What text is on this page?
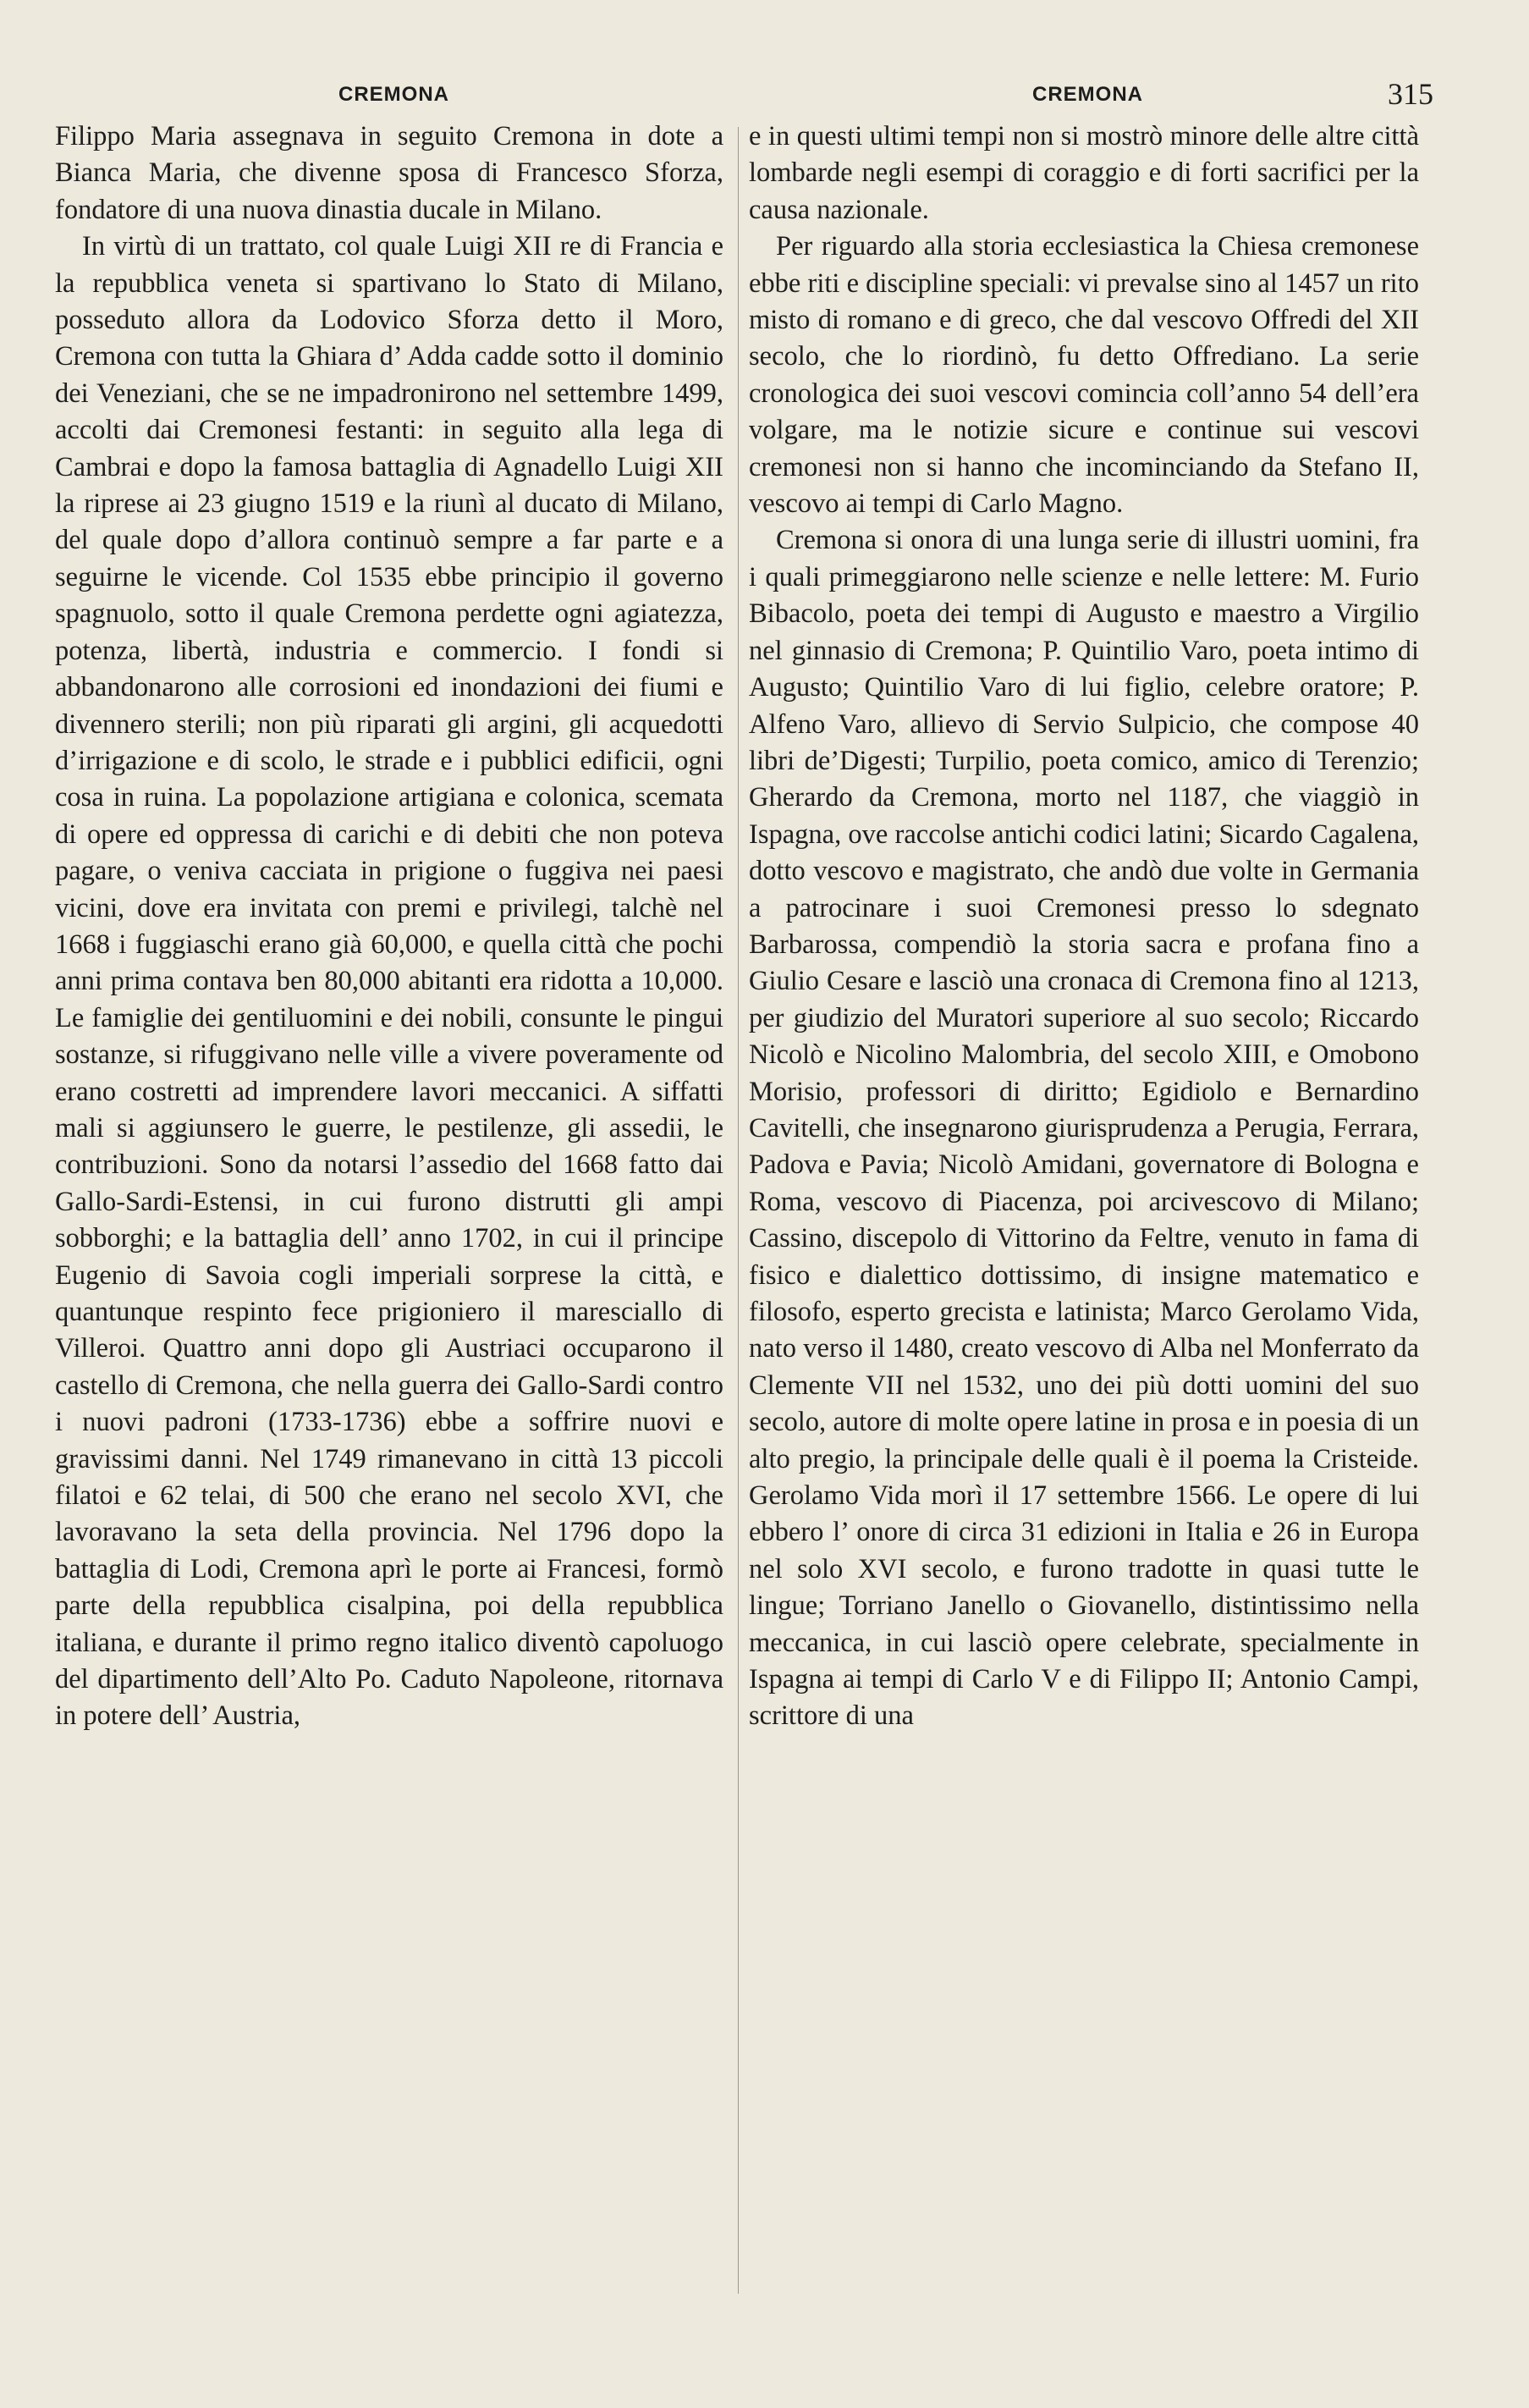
CREMONA	CREMONA	315

Filippo Maria assegnava in seguito Cremona in dote a Bianca Maria, che divenne sposa di Francesco Sforza, fondatore di una nuova dinastia ducale in Milano.

In virtù di un trattato, col quale Luigi XII re di Francia e la repubblica veneta si spartivano lo Stato di Milano, posseduto allora da Lodovico Sforza detto il Moro, Cremona con tutta la Ghiara d’ Adda cadde sotto il dominio dei Veneziani, che se ne impadronirono nel settembre 1499, accolti dai Cremonesi festanti: in seguito alla lega di Cambrai e dopo la famosa battaglia di Agnadello Luigi XII la riprese ai 23 giugno 1519 e la riunì al ducato di Milano, del quale dopo d’allora continuò sempre a far parte e a seguirne le vicende. Col 1535 ebbe principio il governo spagnuolo, sotto il quale Cremona perdette ogni agiatezza, potenza, libertà, industria e commercio. I fondi si abbandonarono alle corrosioni ed inondazioni dei fiumi e divennero sterili; non più riparati gli argini, gli acquedotti d’irrigazione e di scolo, le strade e i pubblici edificii, ogni cosa in ruina. La popolazione artigiana e colonica, scemata di opere ed oppressa di carichi e di debiti che non poteva pagare, o veniva cacciata in prigione o fuggiva nei paesi vicini, dove era invitata con premi e privilegi, talchè nel 1668 i fuggiaschi erano già 60,000, e quella città che pochi anni prima contava ben 80,000 abitanti era ridotta a 10,000. Le famiglie dei gentiluomini e dei nobili, consunte le pingui sostanze, si rifuggivano nelle ville a vivere poveramente od erano costretti ad imprendere lavori meccanici. A siffatti mali si aggiunsero le guerre, le pestilenze, gli assedii, le contribuzioni. Sono da notarsi l’assedio del 1668 fatto dai Gallo-Sardi-Estensi, in cui furono distrutti gli ampi sobborghi; e la battaglia dell’ anno 1702, in cui il principe Eugenio di Savoia cogli imperiali sorprese la città, e quantunque respinto fece prigioniero il maresciallo di Villeroi. Quattro anni dopo gli Austriaci occuparono il castello di Cremona, che nella guerra dei Gallo-Sardi contro i nuovi padroni (1733-1736) ebbe a soffrire nuovi e gravissimi danni. Nel 1749 rimanevano in città 13 piccoli filatoi e 62 telai, di 500 che erano nel secolo XVI, che lavoravano la seta della provincia. Nel 1796 dopo la battaglia di Lodi, Cremona aprì le porte ai Francesi, formò parte della repubblica cisalpina, poi della repubblica italiana, e durante il primo regno italico diventò capoluogo del dipartimento dell’Alto Po. Caduto Napoleone, ritornava in potere dell’ Austria,

e in questi ultimi tempi non si mostrò minore delle altre città lombarde negli esempi di coraggio e di forti sacrifici per la causa nazionale.

Per riguardo alla storia ecclesiastica la Chiesa cremonese ebbe riti e discipline speciali: vi prevalse sino al 1457 un rito misto di romano e di greco, che dal vescovo Offredi del XII secolo, che lo riordinò, fu detto Offrediano. La serie cronologica dei suoi vescovi comincia coll’anno 54 dell’era volgare, ma le notizie sicure e continue sui vescovi cremonesi non si hanno che incominciando da Stefano II, vescovo ai tempi di Carlo Magno.

Cremona si onora di una lunga serie di illustri uomini, fra i quali primeggiarono nelle scienze e nelle lettere: M. Furio Bibacolo, poeta dei tempi di Augusto e maestro a Virgilio nel ginnasio di Cremona; P. Quintilio Varo, poeta intimo di Augusto; Quintilio Varo di lui figlio, celebre oratore; P. Alfeno Varo, allievo di Servio Sulpicio, che compose 40 libri de’Digesti; Turpilio, poeta comico, amico di Terenzio; Gherardo da Cremona, morto nel 1187, che viaggiò in Ispagna, ove raccolse antichi codici latini; Sicardo Cagalena, dotto vescovo e magistrato, che andò due volte in Germania a patrocinare i suoi Cremonesi presso lo sdegnato Barbarossa, compendiò la storia sacra e profana fino a Giulio Cesare e lasciò una cronaca di Cremona fino al 1213, per giudizio del Muratori superiore al suo secolo; Riccardo Nicolò e Nicolino Malombria, del secolo XIII, e Omobono Morisio, professori di diritto; Egidiolo e Bernardino Cavitelli, che insegnarono giurisprudenza a Perugia, Ferrara, Padova e Pavia; Nicolò Amidani, governatore di Bologna e Roma, vescovo di Piacenza, poi arcivescovo di Milano; Cassino, discepolo di Vittorino da Feltre, venuto in fama di fisico e dialettico dottissimo, di insigne matematico e filosofo, esperto grecista e latinista; Marco Gerolamo Vida, nato verso il 1480, creato vescovo di Alba nel Monferrato da Clemente VII nel 1532, uno dei più dotti uomini del suo secolo, autore di molte opere latine in prosa e in poesia di un alto pregio, la principale delle quali è il poema la Cristeide. Gerolamo Vida morì il 17 settembre 1566. Le opere di lui ebbero l’ onore di circa 31 edizioni in Italia e 26 in Europa nel solo XVI secolo, e furono tradotte in quasi tutte le lingue; Torriano Janello o Giovanello, distintissimo nella meccanica, in cui lasciò opere celebrate, specialmente in Ispagna ai tempi di Carlo V e di Filippo II; Antonio Campi, scrittore di una
